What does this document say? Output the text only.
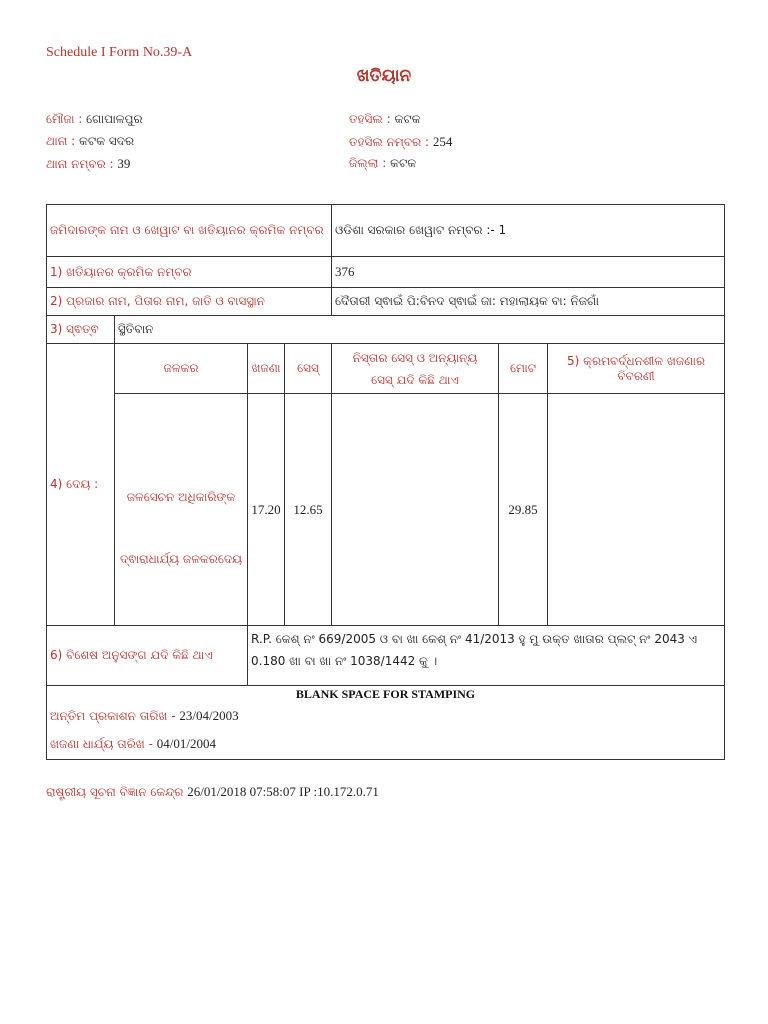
Schedule I Form No.39-A
ଖତିୟାନ
ମୌଜା : ଗୋପାଳପୁର
ଥାନା : କଟକ ସଦର
ଥାନା ନମ୍ବର : 39
ତହସିଲ : କଟକ
ତହସିଲ ନମ୍ବର : 254
ଜିଲ୍ଲା : କଟକ
ଜମିଦାରଙ୍କ ନାମ ଓ ଖେୱାଟ ବା ଖତିୟାନର କ୍ରମିକ ନମ୍ବର				ଓଡିଶା ସରକାର ଖେୱାଟ ନମ୍ବର :- 1		
1) ଖତିୟାନର କ୍ରମିକ ନମ୍ବର				376		
2) ପ୍ରଜାର ନାମ, ପିତାର ନାମ, ଜାତି ଓ ବାସସ୍ଥାନ				ଦୈତାରୀ ସ୍ଵାଇଁ ପି:ବିନଦ ସ୍ଵାଇଁ ଜା: ମହାଲାୟକ ବା: ନିଜଗାଁ		
3) ସ୍ଵତ୍ଵ	ସ୍ଥିତିବାନ					
4) ଦେୟ :	ଜଳକର	ଖଜଣା	ସେସ୍	ନିସ୍ତାର ସେସ୍ ଓ ଅନ୍ୟାନ୍ୟ
ସେସ୍ ଯଦି କିଛି ଥାଏ	ମୋଟ	5) କ୍ରମବର୍ଦ୍ଧନଶୀଳ ଖଜଣାର ବିବରଣୀ

	ଜଳସେଚନ ଅଧିକାରିଙ୍କ
ଦ୍ଵାରାଧାର୍ଯ୍ୟ ଜଳକରଦେୟ	17.20	12.65		29.85	
6) ବିଶେଷ ଅନୁସଙ୍ଗ ଯଦି କିଛି ଥାଏ		R.P. କେଶ୍ ନଂ 669/2005 ଓ ବା ଖା କେଶ୍ ନଂ 41/2013 ହୁ ମୁ ଉକ୍ତ ଖାତାର ପ୍ଲଟ୍ ନଂ 2043 ଏ 0.180 ଖା ବା ଖା ନଂ 1038/1442 କୁ ।				

BLANK SPACE FOR STAMPING
ଅନ୍ତିମ ପ୍ରକାଶନ ତାରିଖ - 23/04/2003
ଖଜଣା ଧାର୍ଯ୍ୟ ତାରିଖ - 04/01/2004						
ରାଷ୍ଟ୍ରୀୟ ସୂଚନା ବିଜ୍ଞାନ କେନ୍ଦ୍ର 26/01/2018 07:58:07 IP :10.172.0.71
